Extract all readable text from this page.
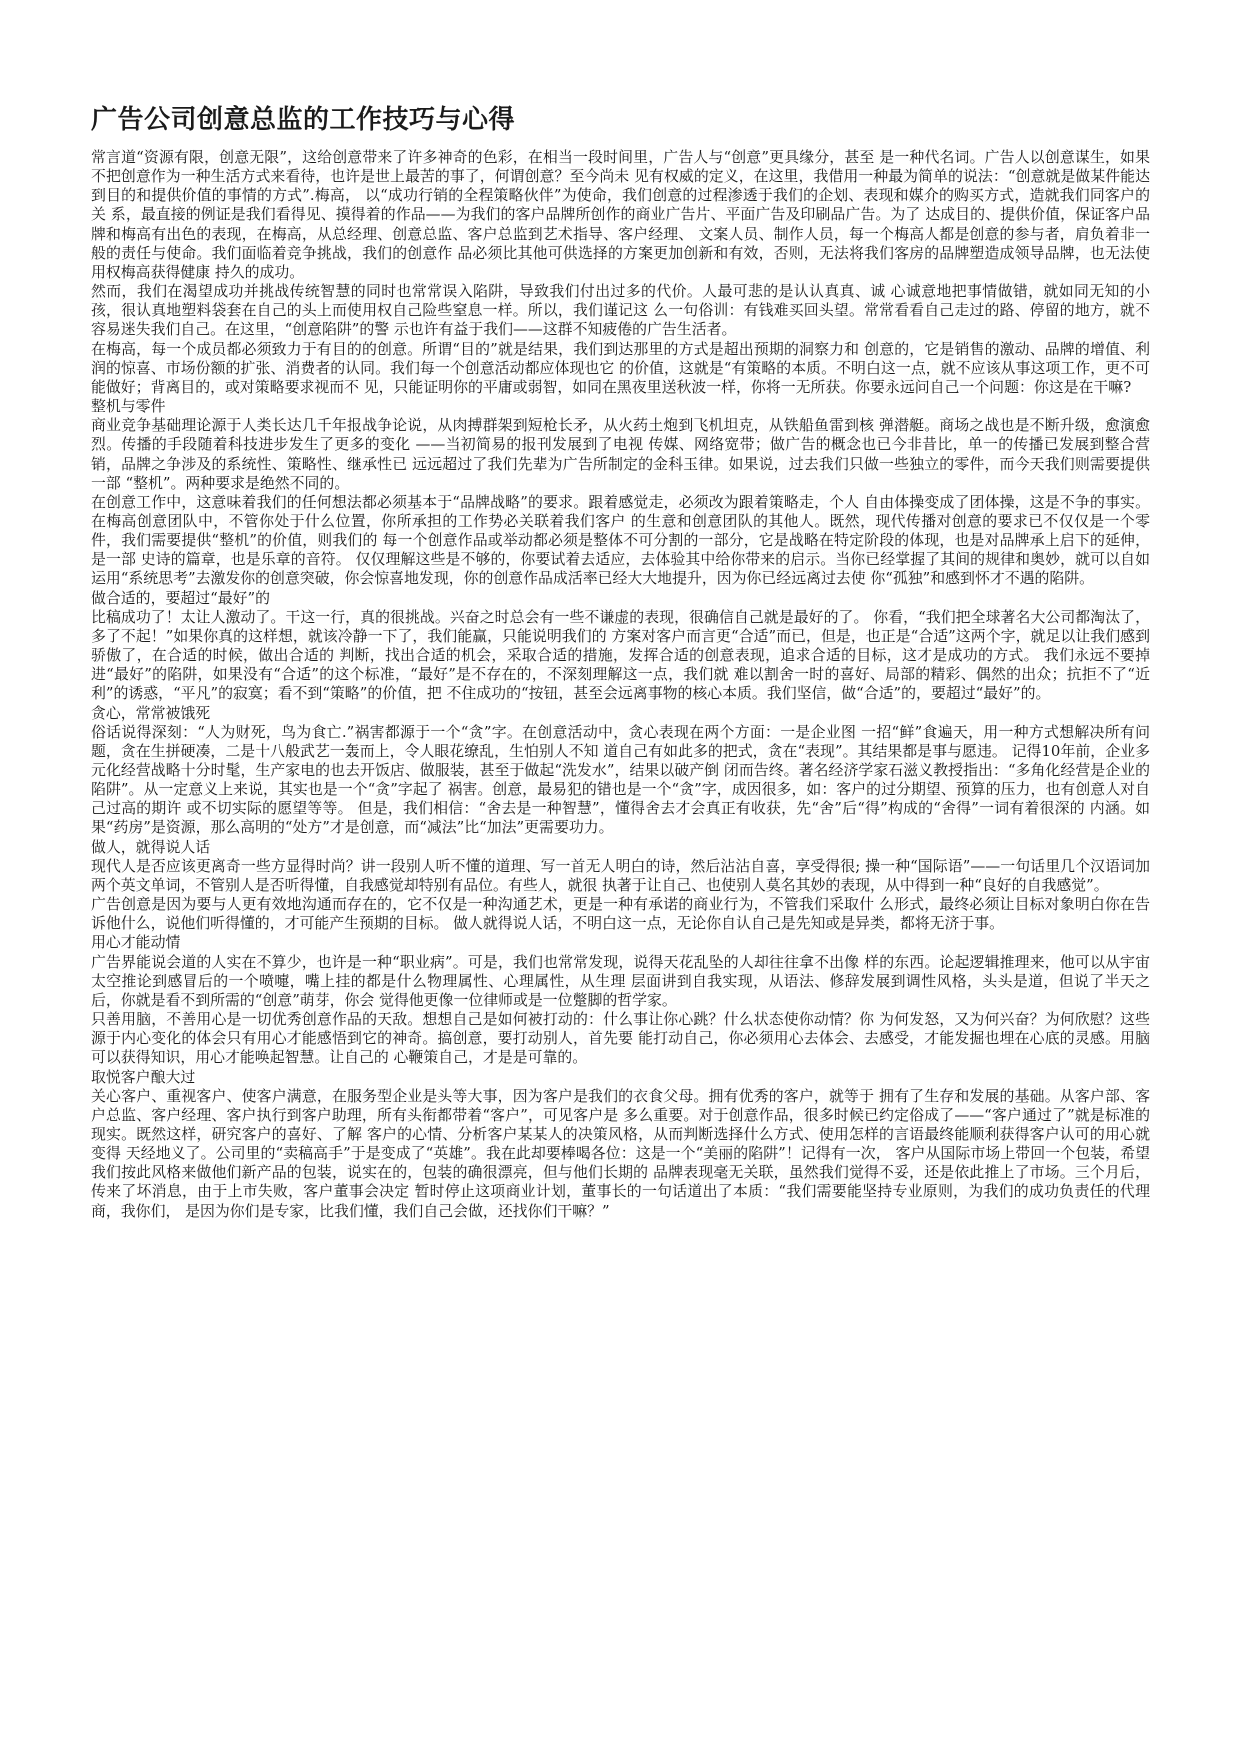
广告公司创意总监的工作技巧与心得

常言道“资源有限，创意无限”，这给创意带来了许多神奇的色彩，在相当一段时间里，广告人与“创意”更具缘分，甚至 是一种代名词。广告人以创意谋生，如果不把创意作为一种生活方式来看待，也许是世上最苦的事了，何谓创意？至今尚未 见有权威的定义，在这里，我借用一种最为简单的说法：“创意就是做某件能达到目的和提供价值的事情的方式”.梅高， 以“成功行销的全程策略伙伴”为使命，我们创意的过程渗透于我们的企划、表现和媒介的购买方式，造就我们同客户的关 系，最直接的例证是我们看得见、摸得着的作品——为我们的客户品牌所创作的商业广告片、平面广告及印刷品广告。为了 达成目的、提供价值，保证客户品牌和梅高有出色的表现，在梅高，从总经理、创意总监、客户总监到艺术指导、客户经理、 文案人员、制作人员，每一个梅高人都是创意的参与者，肩负着非一般的责任与使命。我们面临着竞争挑战，我们的创意作 品必须比其他可供选择的方案更加创新和有效，否则，无法将我们客房的品牌塑造成领导品牌，也无法使用权梅高获得健康 持久的成功。

然而，我们在渴望成功并挑战传统智慧的同时也常常误入陷阱，导致我们付出过多的代价。人最可悲的是认认真真、诚 心诚意地把事情做错，就如同无知的小孩，很认真地塑料袋套在自己的头上而使用权自己险些窒息一样。所以，我们谨记这 么一句俗训：有钱难买回头望。常常看看自己走过的路、停留的地方，就不容易迷失我们自己。在这里，“创意陷阱”的警 示也许有益于我们——这群不知疲倦的广告生活者。

在梅高，每一个成员都必须致力于有目的的创意。所谓“目的”就是结果，我们到达那里的方式是超出预期的洞察力和 创意的，它是销售的激动、品牌的增值、利润的惊喜、市场份额的扩张、消费者的认同。我们每一个创意活动都应体现也它 的价值，这就是“有策略的本质。不明白这一点，就不应该从事这项工作，更不可能做好；背离目的，或对策略要求视而不 见，只能证明你的平庸或弱智，如同在黑夜里送秋波一样，你将一无所获。你要永远问自己一个问题：你这是在干嘛?

整机与零件

商业竞争基础理论源于人类长达几千年报战争论说，从肉搏群架到短枪长矛，从火药土炮到飞机坦克，从铁船鱼雷到核 弹潜艇。商场之战也是不断升级，愈演愈烈。传播的手段随着科技进步发生了更多的变化 ——当初简易的报刊发展到了电视 传媒、网络宽带；做广告的概念也已今非昔比，单一的传播已发展到整合营销，品牌之争涉及的系统性、策略性、继承性已 远远超过了我们先辈为广告所制定的金科玉律。如果说，过去我们只做一些独立的零件，而今天我们则需要提供一部 “整机”。两种要求是绝然不同的。

在创意工作中，这意味着我们的任何想法都必须基本于“品牌战略”的要求。跟着感觉走，必须改为跟着策略走，个人 自由体操变成了团体操，这是不争的事实。在梅高创意团队中，不管你处于什么位置，你所承担的工作势必关联着我们客户 的生意和创意团队的其他人。既然，现代传播对创意的要求已不仅仅是一个零件，我们需要提供“整机”的价值，则我们的 每一个创意作品或举动都必须是整体不可分割的一部分，它是战略在特定阶段的体现，也是对品牌承上启下的延伸，是一部 史诗的篇章，也是乐章的音符。 仅仅理解这些是不够的，你要试着去适应，去体验其中给你带来的启示。当你已经掌握了其间的规律和奥妙，就可以自如运用“系统思考”去激发你的创意突破，你会惊喜地发现，你的创意作品成活率已经大大地提升，因为你已经远离过去使 你“孤独”和感到怀才不遇的陷阱。

做合适的，要超过“最好”的

比稿成功了！太让人激动了。干这一行，真的很挑战。兴奋之时总会有一些不谦虚的表现，很确信自己就是最好的了。 你看，“我们把全球著名大公司都淘汰了，多了不起！”如果你真的这样想，就该冷静一下了，我们能赢，只能说明我们的 方案对客户而言更“合适”而已，但是，也正是“合适”这两个字，就足以让我们感到骄傲了，在合适的时候，做出合适的 判断，找出合适的机会，采取合适的措施，发挥合适的创意表现，追求合适的目标，这才是成功的方式。 我们永远不要掉进“最好”的陷阱，如果没有“合适”的这个标准，“最好”是不存在的，不深刻理解这一点，我们就 难以割舍一时的喜好、局部的精彩、偶然的出众；抗拒不了“近利”的诱惑，“平凡”的寂寞；看不到“策略”的价值，把 不住成功的“按钮，甚至会远离事物的核心本质。我们坚信，做“合适”的，要超过“最好”的。

贪心，常常被饿死

俗话说得深刻：“人为财死，鸟为食亡.”祸害都源于一个“贪”字。在创意活动中，贪心表现在两个方面：一是企业图 一招“鲜”食遍天，用一种方式想解决所有问题，贪在生拼硬凑，二是十八般武艺一轰而上，令人眼花缭乱，生怕别人不知 道自己有如此多的把式，贪在“表现”。其结果都是事与愿违。 记得10年前，企业多元化经营战略十分时髦，生产家电的也去开饭店、做服装，甚至于做起“洗发水”，结果以破产倒 闭而告终。著名经济学家石滋义教授指出：“多角化经营是企业的陷阱”。从一定意义上来说，其实也是一个“贪”字起了 祸害。创意，最易犯的错也是一个“贪”字，成因很多，如：客户的过分期望、预算的压力，也有创意人对自己过高的期许 或不切实际的愿望等等。 但是，我们相信：“舍去是一种智慧”，懂得舍去才会真正有收获，先“舍”后“得”构成的“舍得”一词有着很深的 内涵。如果“药房”是资源，那么高明的“处方”才是创意，而“减法”比“加法”更需要功力。

做人，就得说人话

现代人是否应该更离奇一些方显得时尚？讲一段别人听不懂的道理、写一首无人明白的诗，然后沾沾自喜，享受得很; 操一种“国际语”——一句话里几个汉语词加两个英文单词，不管别人是否听得懂，自我感觉却特别有品位。有些人，就很 执著于让自己、也使别人莫名其妙的表现，从中得到一种“良好的自我感觉”。

广告创意是因为要与人更有效地沟通而存在的，它不仅是一种沟通艺术，更是一种有承诺的商业行为，不管我们采取什 么形式，最终必须让目标对象明白你在告诉他什么，说他们听得懂的，才可能产生预期的目标。 做人就得说人话，不明白这一点，无论你自认自己是先知或是异类，都将无济于事。

用心才能动情

广告界能说会道的人实在不算少，也许是一种“职业病”。可是，我们也常常发现，说得天花乱坠的人却往往拿不出像 样的东西。论起逻辑推理来，他可以从宇宙太空推论到感冒后的一个喷嚏，嘴上挂的都是什么物理属性、心理属性，从生理 层面讲到自我实现，从语法、修辞发展到调性风格，头头是道，但说了半天之后，你就是看不到所需的“创意”萌芽，你会 觉得他更像一位律师或是一位蹩脚的哲学家。

只善用脑，不善用心是一切优秀创意作品的天敌。想想自己是如何被打动的：什么事让你心跳？什么状态使你动情？你 为何发怒，又为何兴奋？为何欣慰？这些源于内心变化的体会只有用心才能感悟到它的神奇。搞创意，要打动别人，首先要 能打动自己，你必须用心去体会、去感受，才能发掘也埋在心底的灵感。用脑可以获得知识，用心才能唤起智慧。让自己的 心鞭策自己，才是是可靠的。

取悦客户酿大过

关心客户、重视客户、使客户满意，在服务型企业是头等大事，因为客户是我们的衣食父母。拥有优秀的客户，就等于 拥有了生存和发展的基础。从客户部、客户总监、客户经理、客户执行到客户助理，所有头衔都带着“客户”，可见客户是 多么重要。对于创意作品，很多时候已约定俗成了——“客户通过了”就是标准的现实。既然这样，研究客户的喜好、了解 客户的心情、分析客户某某人的决策风格，从而判断选择什么方式、使用怎样的言语最终能顺利获得客户认可的用心就变得 天经地义了。公司里的“卖稿高手”于是变成了“英雄”。我在此却要棒喝各位：这是一个“美丽的陷阱”！记得有一次， 客户从国际市场上带回一个包装，希望我们按此风格来做他们新产品的包装，说实在的，包装的确很漂亮，但与他们长期的 品牌表现毫无关联，虽然我们觉得不妥，还是依此推上了市场。三个月后，传来了坏消息，由于上市失败，客户董事会决定 暂时停止这项商业计划，董事长的一句话道出了本质：“我们需要能坚持专业原则，为我们的成功负责任的代理商，我你们， 是因为你们是专家，比我们懂，我们自己会做，还找你们干嘛？”
